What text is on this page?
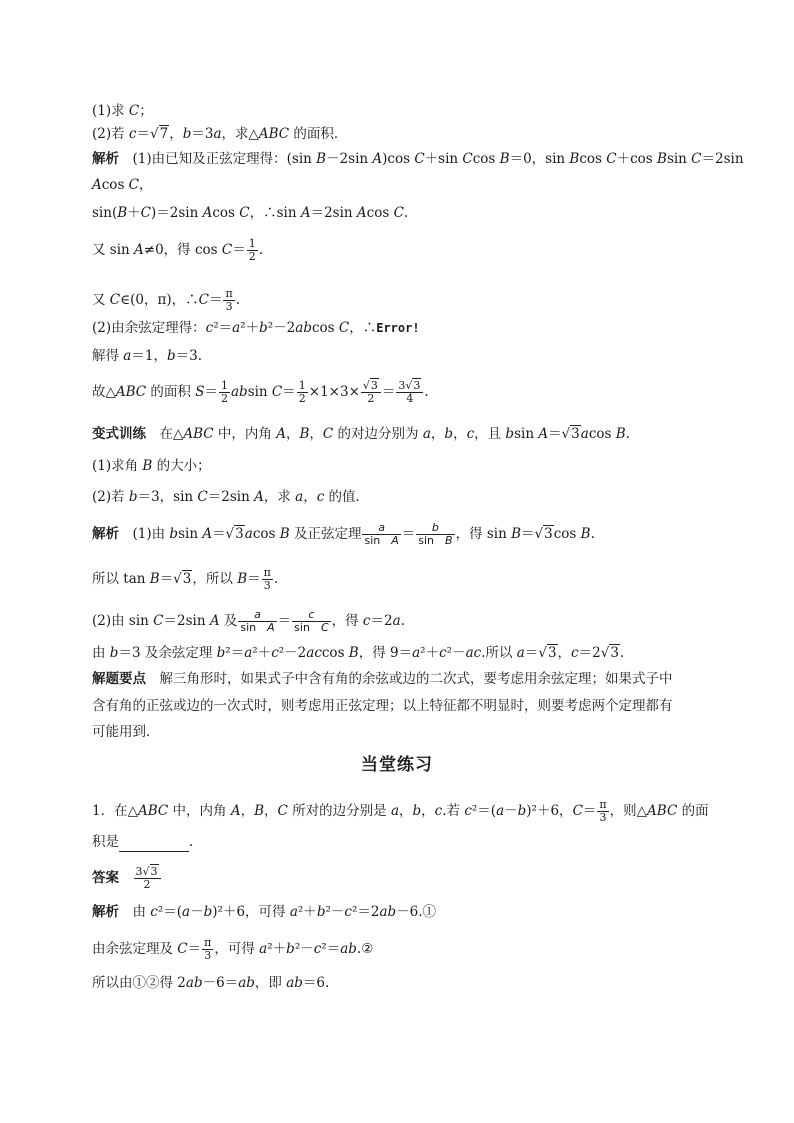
(1)求 C；
(2)若 c＝√7，b＝3a，求△ABC 的面积．
解析　(1)由已知及正弦定理得：(sin B－2sin A)cos C＋sin Ccos B＝0，sin Bcos C＋cos Bsin C＝2sin
Acos C，
sin(B＋C)＝2sin Acos C，∴sin A＝2sin Acos C.
又 sin A≠0，得 $\cos C= \frac{1}{2}$ .
又 C∈(0，π)，∴C＝ $\frac{\pi}{3}$ .
(2)由余弦定理得：c²＝a²＋b²－2abcos C，∴Error!
解得 a＝1，b＝3.
故△ABC 的面积 $S= \frac{1}{2}$ absin $C= \frac{1}{2} \times 1\times 3\times \frac{√3}{2} = \frac{3√3}{4}$ .
变式训练　在△ABC 中，内角 A，B，C 的对边分别为 a，b，c，且 bsin A＝√3acos B.
(1)求角 B 的大小；
(2)若 b＝3，sin C＝2sin A，求 a，c 的值．
解析　(1)由 bsin A＝√3acos B 及正弦定理 $\frac{a}{\text{sin　A}} = \frac{b}{\text{sin　B}}$ ，得 sin B＝√3cos B.
所以 tan B＝√3，所以 $B= \frac{\pi}{3}$ .
(2)由 sin C＝2sin A 及 $\frac{a}{\text{sin　A}} = \frac{c}{\text{sin　C}}$ ，得 c＝2a.
由 b＝3 及余弦定理 b²＝a²＋c²－2accos B，得 9＝a²＋c²－ac.所以 a＝√3，c＝2√3.
解题要点　 解三角形时，如果式子中含有角的余弦或边的二次式，要考虑用余弦定理；如果式子中
含有角的正弦或边的一次式时，则考虑用正弦定理；以上特征都不明显时，则要考虑两个定理都有
可能用到．
当堂练习
1．在△ABC 中，内角 A，B，C 所对的边分别是 a，b，c.若 c²＝(a－b)²＋6，$C= \frac{\pi}{3}$ ，则△ABC 的面
积是	.
答案　 $\frac{3√3}{2}$
解析　由 c²＝(a－b)²＋6，可得 a²＋b²－c²＝2ab－6.①
由余弦定理及 $C= \frac{\pi}{3}$ ，可得 a²＋b²－c²＝ab.②
所以由①②得 2ab－6＝ab，即 ab＝6.
